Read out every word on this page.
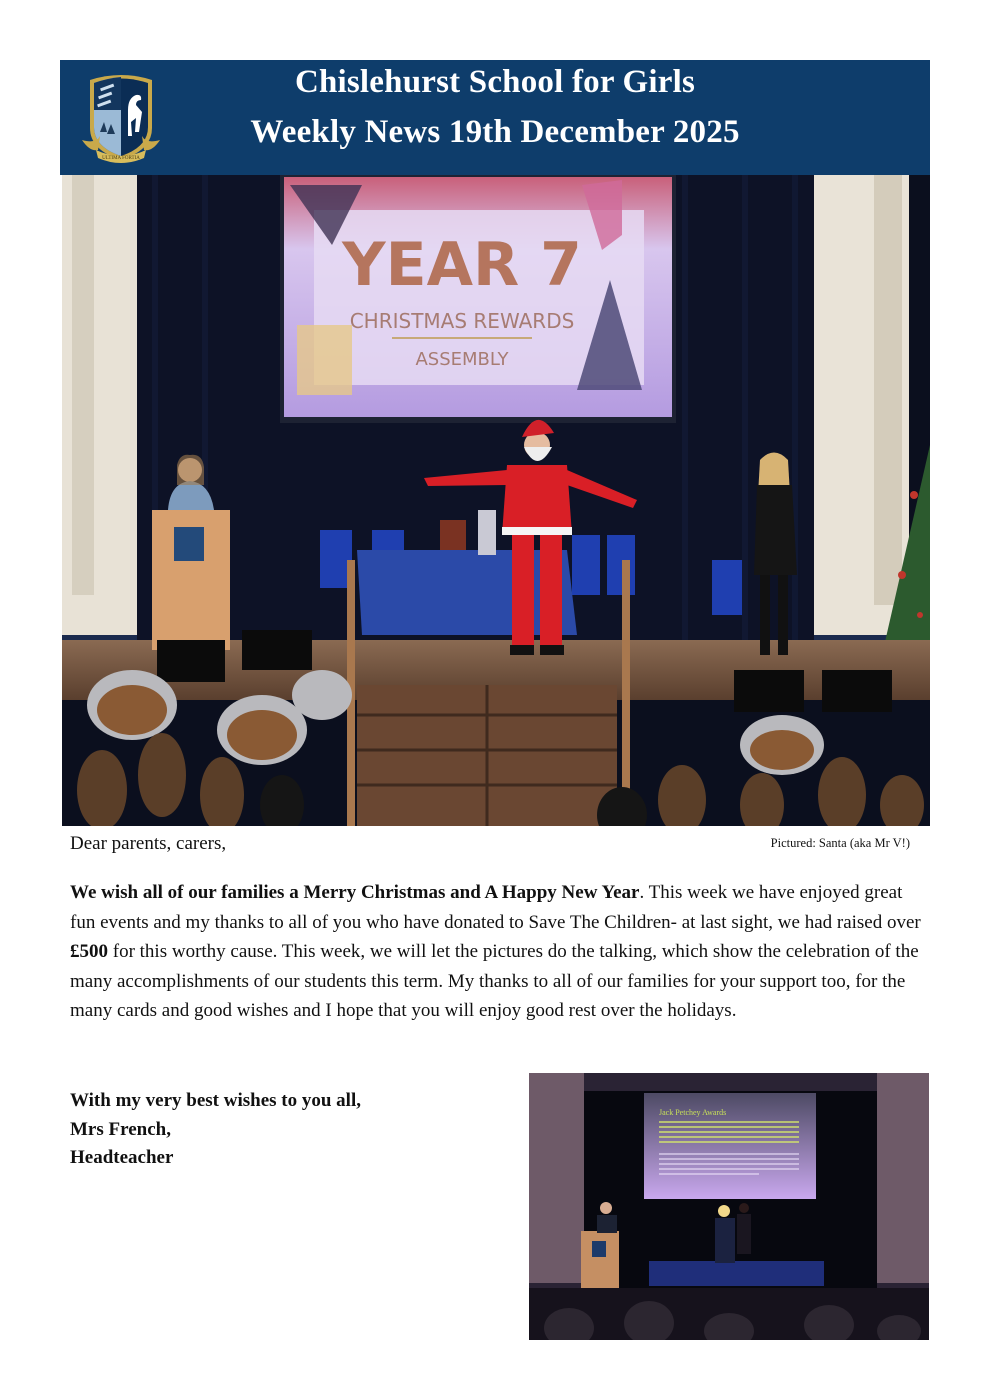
ULTIMA FORTIA
Chislehurst School for Girls
Weekly News 19th December 2025
YEAR 7
CHRISTMAS REWARDS
ASSEMBLY
Dear parents, carers,	Pictured: Santa (aka Mr V!)
We wish all of our families a Merry Christmas and A Happy New Year. This week we have enjoyed great fun events and my thanks to all of you who have donated to Save The Children- at last sight, we had raised over £500 for this worthy cause. This week, we will let the pictures do the talking, which show the celebration of the many accomplishments of our students this term. My thanks to all of our families for your support too, for the many cards and good wishes and I hope that you will enjoy good rest over the holidays.
With my very best wishes to you all,
Mrs French,
Headteacher
Jack Petchey Awards
